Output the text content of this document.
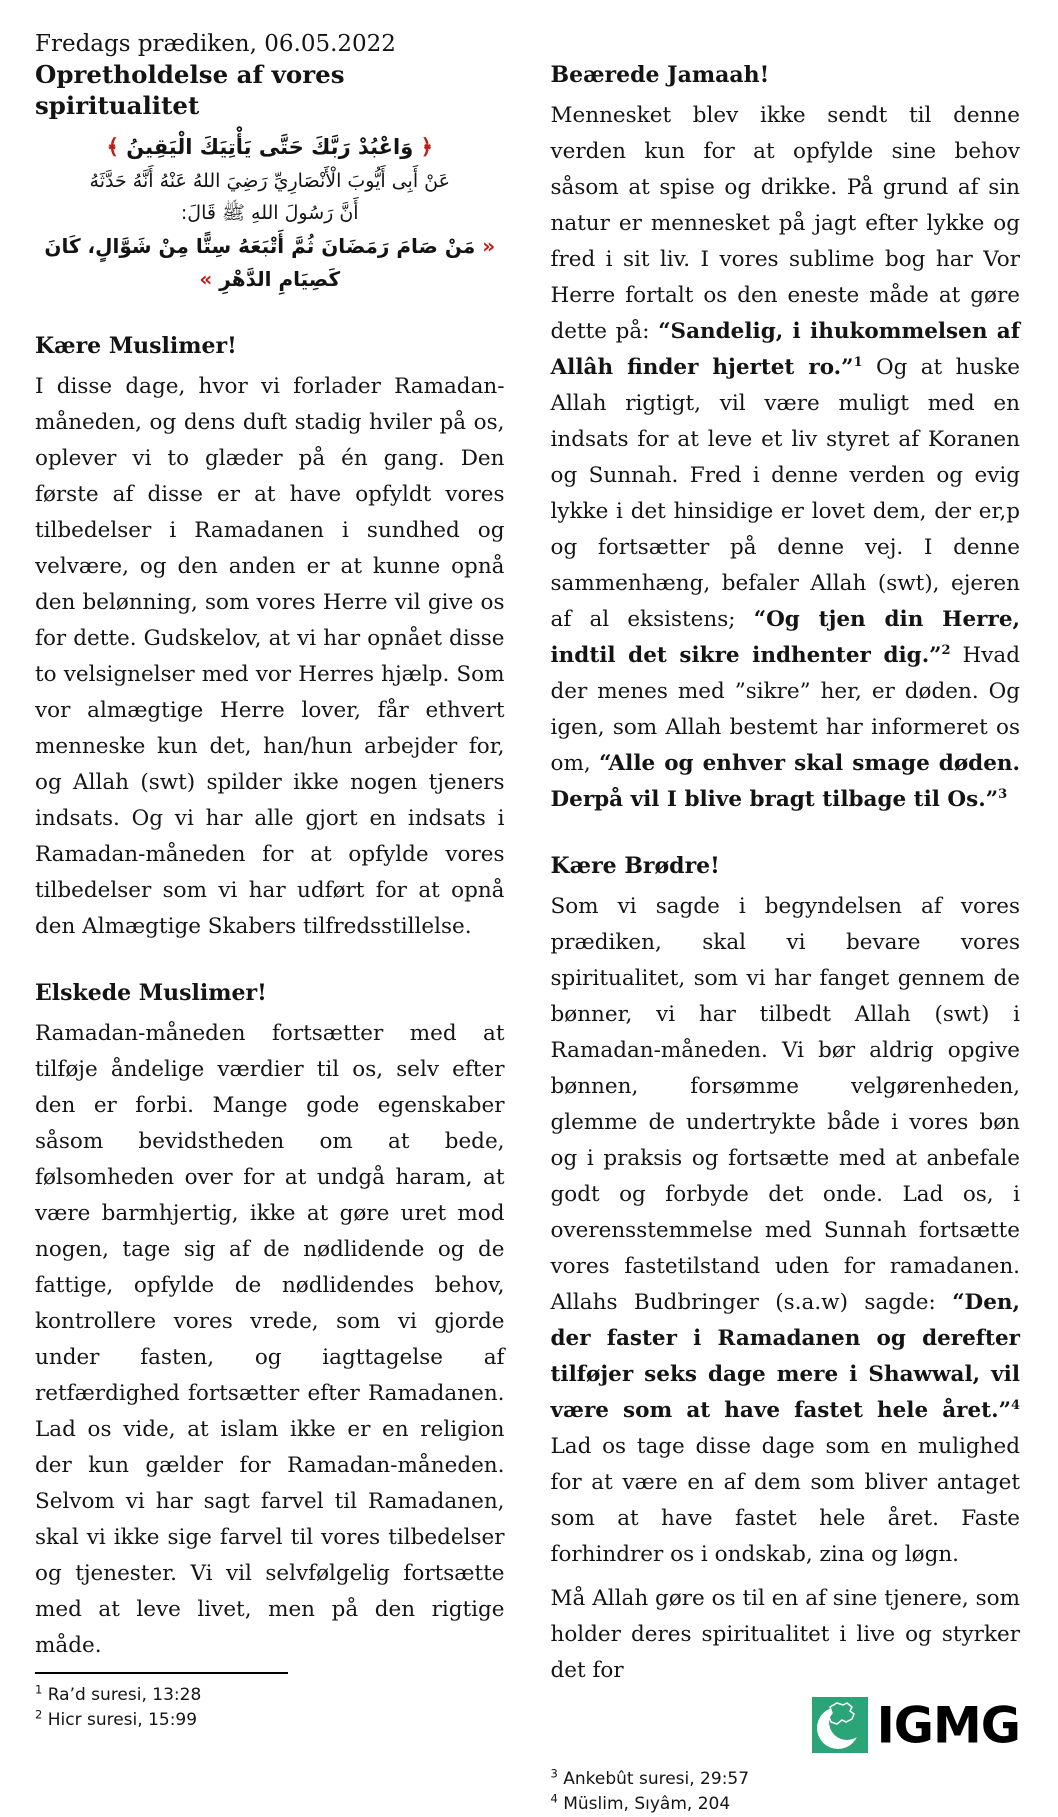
Fredags prædiken, 06.05.2022
Opretholdelse af vores spiritualitet
﴿ وَاعْبُدْ رَبَّكَ حَتَّى يَأْتِيَكَ الْيَقِينُ ﴾
عَنْ أَبِى أَيُّوبَ الْأَنْصَارِيِّ رَضِيَ اللهُ عَنْهُ أَنَّهُ حَدَّثَهُ
أَنَّ رَسُولَ اللهِ ﷺ قَالَ:
« مَنْ صَامَ رَمَضَانَ ثُمَّ أَتْبَعَهُ سِتًّا مِنْ شَوَّالٍ، كَانَ كَصِيَامِ الدَّهْرِ »
Kære Muslimer!

I disse dage, hvor vi forlader Ramadan-måneden, og dens duft stadig hviler på os, oplever vi to glæder på én gang. Den første af disse er at have opfyldt vores tilbedelser i Ramadanen i sundhed og velvære, og den anden er at kunne opnå den belønning, som vores Herre vil give os for dette. Gudskelov, at vi har opnået disse to velsignelser med vor Herres hjælp. Som vor almægtige Herre lover, får ethvert menneske kun det, han/hun arbejder for, og Allah (swt) spilder ikke nogen tjeners indsats. Og vi har alle gjort en indsats i Ramadan-måneden for at opfylde vores tilbedelser som vi har udført for at opnå den Almægtige Skabers tilfredsstillelse.

Elskede Muslimer!

Ramadan-måneden fortsætter med at tilføje åndelige værdier til os, selv efter den er forbi. Mange gode egenskaber såsom bevidstheden om at bede, følsomheden over for at undgå haram, at være barmhjertig, ikke at gøre uret mod nogen, tage sig af de nødlidende og de fattige, opfylde de nødlidendes behov, kontrollere vores vrede, som vi gjorde under fasten, og iagttagelse af retfærdighed fortsætter efter Ramadanen. Lad os vide, at islam ikke er en religion der kun gælder for Ramadan-måneden. Selvom vi har sagt farvel til Ramadanen, skal vi ikke sige farvel til vores tilbedelser og tjenester. Vi vil selvfølgelig fortsætte med at leve livet, men på den rigtige måde.

$^1$ Ra’d suresi, 13:28
$^2$ Hicr suresi, 15:99
Beærede Jamaah!

Mennesket blev ikke sendt til denne verden kun for at opfylde sine behov såsom at spise og drikke. På grund af sin natur er mennesket på jagt efter lykke og fred i sit liv. I vores sublime bog har Vor Herre fortalt os den eneste måde at gøre dette på: “Sandelig, i ihukommelsen af Allâh finder hjertet ro.”$^1$ Og at huske Allah rigtigt, vil være muligt med en indsats for at leve et liv styret af Koranen og Sunnah. Fred i denne verden og evig lykke i det hinsidige er lovet dem, der er,p og fortsætter på denne vej. I denne sammenhæng, befaler Allah (swt), ejeren af al eksistens; “Og tjen din Herre, indtil det sikre indhenter dig.”$^2$ Hvad der menes med ”sikre” her, er døden. Og igen, som Allah bestemt har informeret os om, “Alle og enhver skal smage døden. Derpå vil I blive bragt tilbage til Os.”$^3$

Kære Brødre!

Som vi sagde i begyndelsen af vores prædiken, skal vi bevare vores spiritualitet, som vi har fanget gennem de bønner, vi har tilbedt Allah (swt) i Ramadan-måneden. Vi bør aldrig opgive bønnen, forsømme velgørenheden, glemme de undertrykte både i vores bøn og i praksis og fortsætte med at anbefale godt og forbyde det onde. Lad os, i overensstemmelse med Sunnah fortsætte vores fastetilstand uden for ramadanen. Allahs Budbringer (s.a.w) sagde: “Den, der faster i Ramadanen og derefter tilføjer seks dage mere i Shawwal, vil være som at have fastet hele året.”$^4$ Lad os tage disse dage som en mulighed for at være en af dem som bliver antaget som at have fastet hele året. Faste forhindrer os i ondskab, zina og løgn.

Må Allah gøre os til en af sine tjenere, som holder deres spiritualitet i live og styrker det for

IGMG
$^3$ Ankebût suresi, 29:57
$^4$ Müslim, Sıyâm, 204
